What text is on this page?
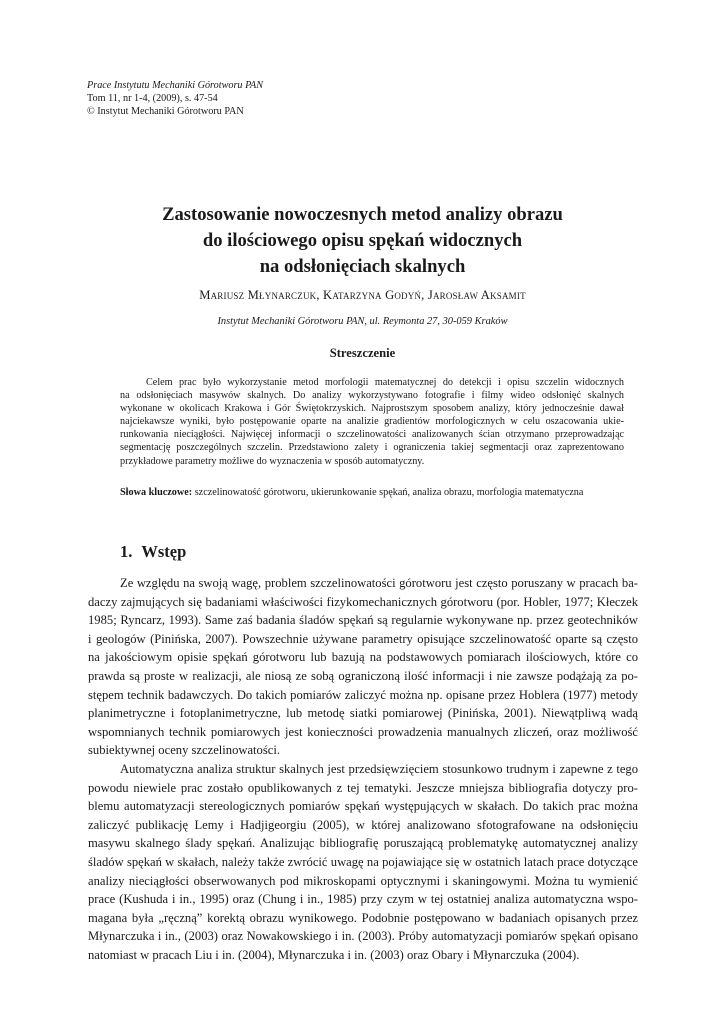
Prace Instytutu Mechaniki Górotworu PAN
Tom 11, nr 1-4, (2009), s. 47-54
© Instytut Mechaniki Górotworu PAN
Zastosowanie nowoczesnych metod analizy obrazu
do ilościowego opisu spękań widocznych
na odsłonięciach skalnych
Mariusz Młynarczuk, Katarzyna Godyń, Jarosław Aksamit
Instytut Mechaniki Górotworu PAN, ul. Reymonta 27, 30-059 Kraków
Streszczenie
Celem prac było wykorzystanie metod morfologii matematycznej do detekcji i opisu szczelin widocznych
na odsłonięciach masywów skalnych. Do analizy wykorzystywano fotografie i filmy wideo odsłonięć skalnych
wykonane w okolicach Krakowa i Gór Świętokrzyskich. Najprostszym sposobem analizy, który jednocześnie dawał
najciekawsze wyniki, było postępowanie oparte na analizie gradientów morfologicznych w celu oszacowania ukie-
runkowania nieciągłości. Najwięcej informacji o szczelinowatości analizowanych ścian otrzymano przeprowadzając
segmentację poszczególnych szczelin. Przedstawiono zalety i ograniczenia takiej segmentacji oraz zaprezentowano
przykładowe parametry możliwe do wyznaczenia w sposób automatyczny.
Słowa kluczowe: szczelinowatość górotworu, ukierunkowanie spękań, analiza obrazu, morfologia matematyczna
1. Wstęp
Ze względu na swoją wagę, problem szczelinowatości górotworu jest często poruszany w pracach ba-
daczy zajmujących się badaniami właściwości fizykomechanicznych górotworu (por. Hobler, 1977; Kłeczek
1985; Ryncarz, 1993). Same zaś badania śladów spękań są regularnie wykonywane np. przez geotechników
i geologów (Pinińska, 2007). Powszechnie używane parametry opisujące szczelinowatość oparte są często
na jakościowym opisie spękań górotworu lub bazują na podstawowych pomiarach ilościowych, które co
prawda są proste w realizacji, ale niosą ze sobą ograniczoną ilość informacji i nie zawsze podążają za po-
stępem technik badawczych. Do takich pomiarów zaliczyć można np. opisane przez Hoblera (1977) metody
planimetryczne i fotoplanimetryczne, lub metodę siatki pomiarowej (Pinińska, 2001). Niewątpliwą wadą
wspomnianych technik pomiarowych jest konieczności prowadzenia manualnych zliczeń, oraz możliwość
subiektywnej oceny szczelinowatości.
Automatyczna analiza struktur skalnych jest przedsięwzięciem stosunkowo trudnym i zapewne z tego
powodu niewiele prac zostało opublikowanych z tej tematyki. Jeszcze mniejsza bibliografia dotyczy pro-
blemu automatyzacji stereologicznych pomiarów spękań występujących w skałach. Do takich prac można
zaliczyć publikację Lemy i Hadjigeorgiu (2005), w której analizowano sfotografowane na odsłonięciu
masywu skalnego ślady spękań. Analizując bibliografię poruszającą problematykę automatycznej analizy
śladów spękań w skałach, należy także zwrócić uwagę na pojawiające się w ostatnich latach prace dotyczące
analizy nieciągłości obserwowanych pod mikroskopami optycznymi i skaningowymi. Można tu wymienić
prace (Kushuda i in., 1995) oraz (Chung i in., 1985) przy czym w tej ostatniej analiza automatyczna wspo-
magana była „ręczną” korektą obrazu wynikowego. Podobnie postępowano w badaniach opisanych przez
Młynarczuka i in., (2003) oraz Nowakowskiego i in. (2003). Próby automatyzacji pomiarów spękań opisano
natomiast w pracach Liu i in. (2004), Młynarczuka i in. (2003) oraz Obary i Młynarczuka (2004).
